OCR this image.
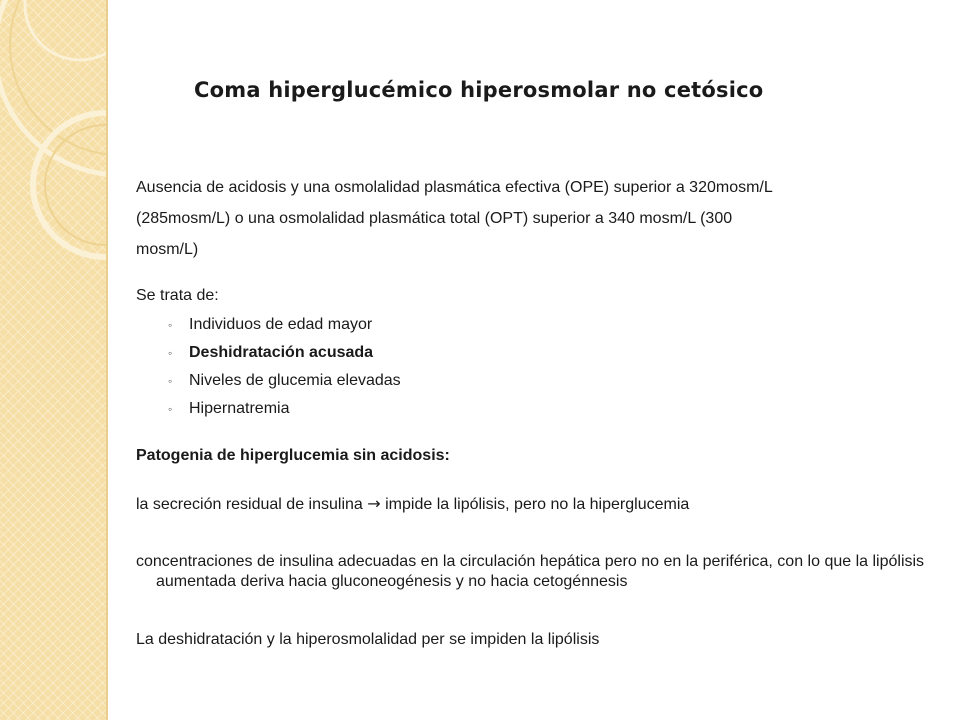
Coma hiperglucémico hiperosmolar no cetósico

Ausencia de acidosis y una osmolalidad plasmática efectiva (OPE) superior a 320mosm/L

(285mosm/L) o una osmolalidad plasmática total (OPT) superior a 340 mosm/L (300

mosm/L)

Se trata de:

◦ Individuos de edad mayor
◦ Deshidratación acusada
◦ Niveles de glucemia elevadas
◦ Hipernatremia

Patogenia de hiperglucemia sin acidosis:

la secreción residual de insulina → impide la lipólisis, pero no la hiperglucemia

concentraciones de insulina adecuadas en la circulación hepática pero no en la periférica, con lo que la lipólisis aumentada deriva hacia gluconeogénesis y no hacia cetogénnesis

La deshidratación y la hiperosmolalidad per se impiden la lipólisis
